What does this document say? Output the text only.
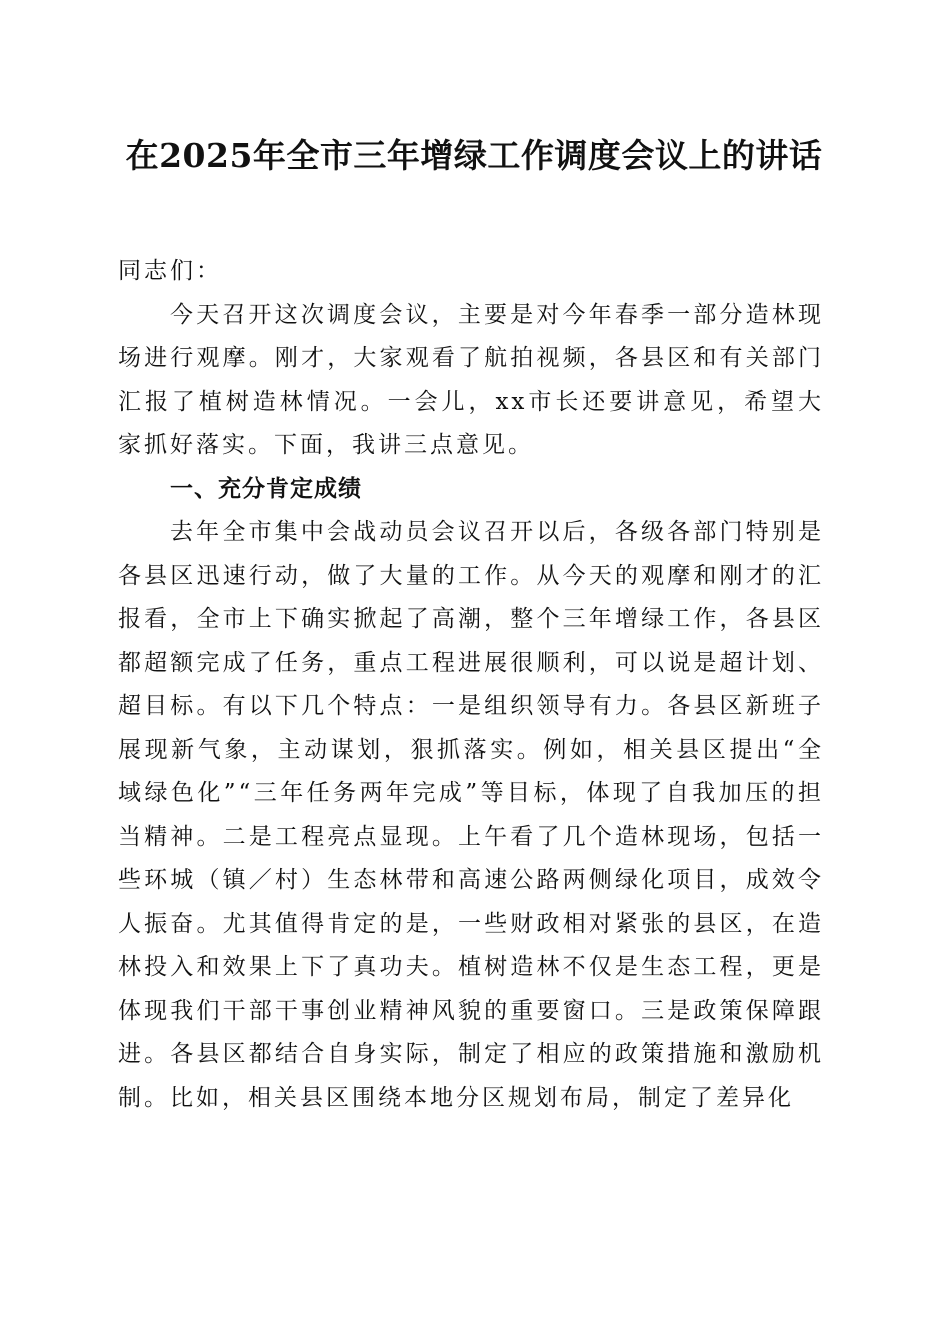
在2025年全市三年增绿工作调度会议上的讲话

同志们：

今天召开这次调度会议，主要是对今年春季一部分造林现场进行观摩。刚才，大家观看了航拍视频，各县区和有关部门汇报了植树造林情况。一会儿，xx市长还要讲意见，希望大家抓好落实。下面，我讲三点意见。

一、充分肯定成绩

去年全市集中会战动员会议召开以后，各级各部门特别是各县区迅速行动，做了大量的工作。从今天的观摩和刚才的汇报看，全市上下确实掀起了高潮，整个三年增绿工作，各县区都超额完成了任务，重点工程进展很顺利，可以说是超计划、超目标。有以下几个特点：一是组织领导有力。各县区新班子展现新气象，主动谋划，狠抓落实。例如，相关县区提出“全域绿色化”“三年任务两年完成”等目标，体现了自我加压的担当精神。二是工程亮点显现。上午看了几个造林现场，包括一些环城（镇／村）生态林带和高速公路两侧绿化项目，成效令人振奋。尤其值得肯定的是，一些财政相对紧张的县区，在造林投入和效果上下了真功夫。植树造林不仅是生态工程，更是体现我们干部干事创业精神风貌的重要窗口。三是政策保障跟进。各县区都结合自身实际，制定了相应的政策措施和激励机制。比如，相关县区围绕本地分区规划布局，制定了差异化
